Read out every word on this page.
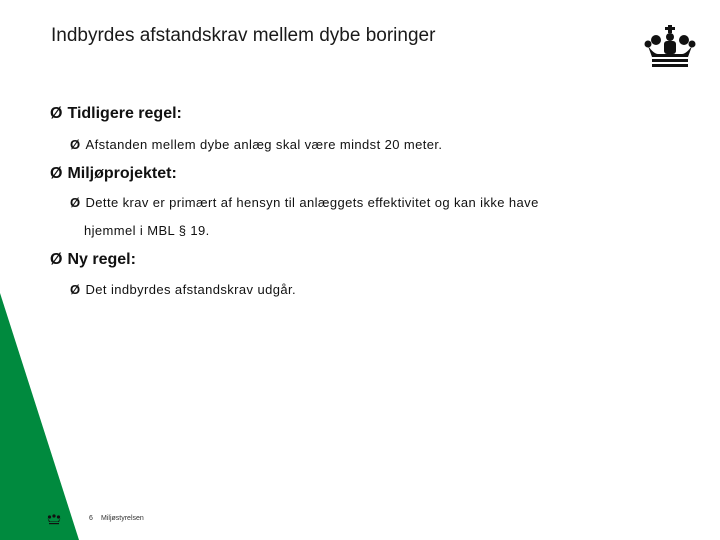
Indbyrdes afstandskrav mellem dybe boringer
Ø Tidligere regel:
Ø Afstanden mellem dybe anlæg skal være mindst 20 meter.
Ø Miljøprojektet:
Ø Dette krav er primært af hensyn til anlæggets effektivitet og kan ikke have
hjemmel i MBL § 19.
Ø Ny regel:
Ø Det indbyrdes afstandskrav udgår.
6 Miljøstyrelsen
